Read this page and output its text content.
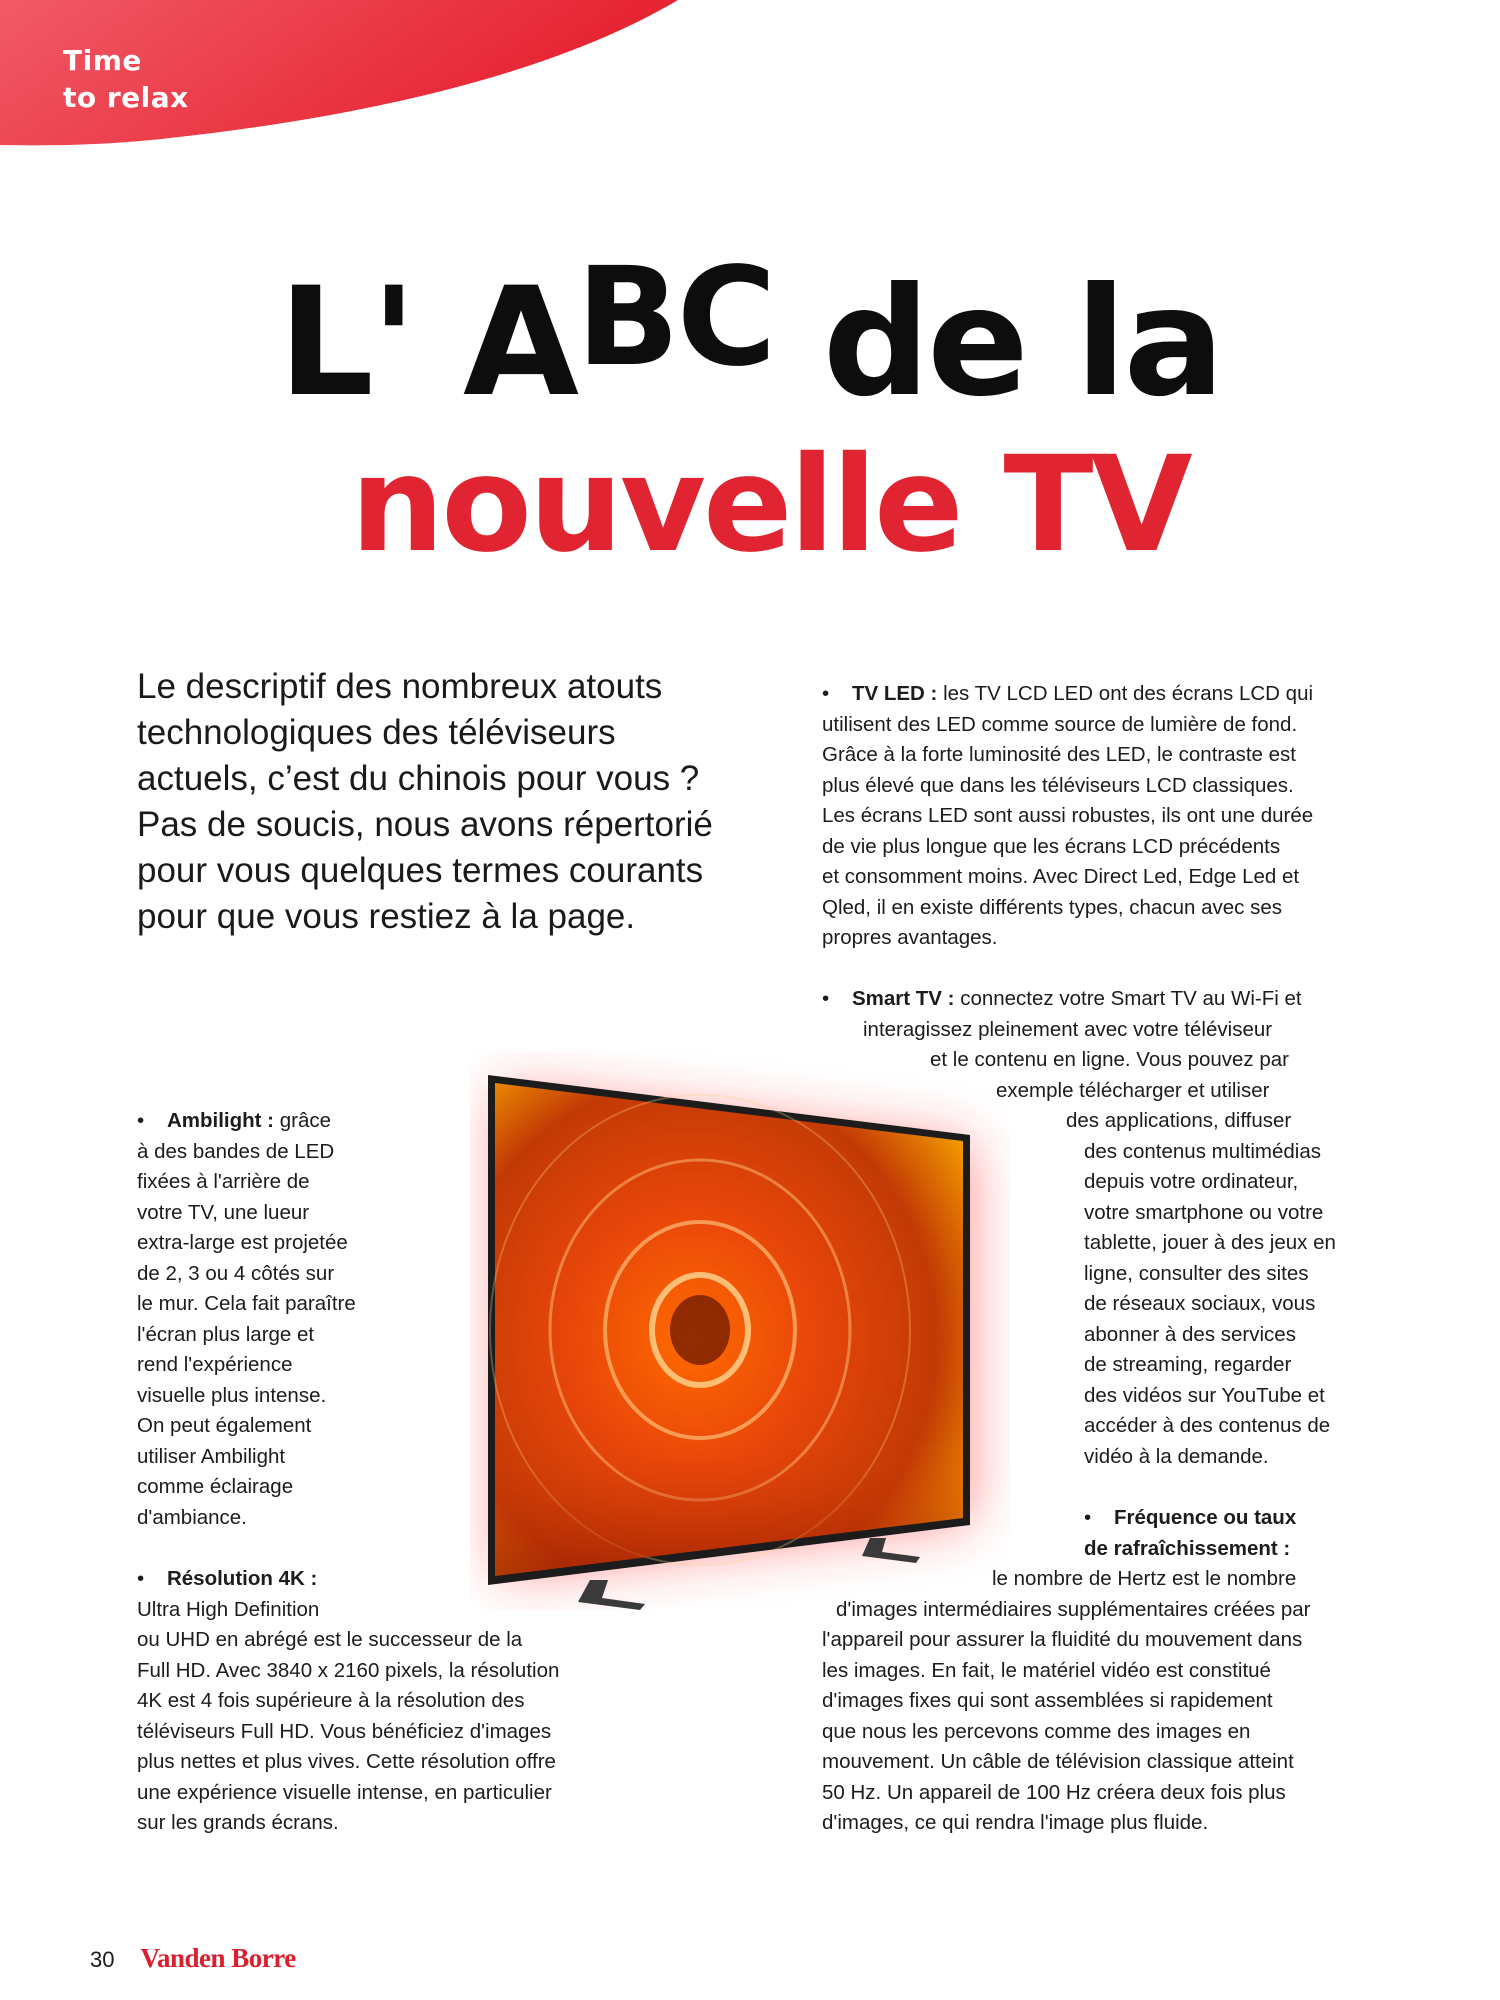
Time
to relax
L' ABC de la
nouvelle TV
Le descriptif des nombreux atouts technologiques des téléviseurs actuels, c’est du chinois pour vous ? Pas de soucis, nous avons répertorié pour vous quelques termes courants pour que vous restiez à la page.
•    TV LED : les TV LCD LED ont des écrans LCD qui
utilisent des LED comme source de lumière de fond.
Grâce à la forte luminosité des LED, le contraste est
plus élevé que dans les téléviseurs LCD classiques.
Les écrans LED sont aussi robustes, ils ont une durée
de vie plus longue que les écrans LCD précédents
et consomment moins. Avec Direct Led, Edge Led et
Qled, il en existe différents types, chacun avec ses
propres avantages.
•    Smart TV : connectez votre Smart TV au Wi-Fi et
interagissez pleinement avec votre téléviseur
et le contenu en ligne. Vous pouvez par
exemple télécharger et utiliser
des applications, diffuser
des contenus multimédias
depuis votre ordinateur,
votre smartphone ou votre
tablette, jouer à des jeux en
ligne, consulter des sites
de réseaux sociaux, vous
abonner à des services
de streaming, regarder
des vidéos sur YouTube et
accéder à des contenus de
vidéo à la demande.
•    Ambilight : grâce
à des bandes de LED
fixées à l'arrière de
votre TV, une lueur
extra-large est projetée
de 2, 3 ou 4 côtés sur
le mur. Cela fait paraître
l'écran plus large et
rend l'expérience
visuelle plus intense.
On peut également
utiliser Ambilight
comme éclairage
d'ambiance.
•    Résolution 4K :
Ultra High Definition
ou UHD en abrégé est le successeur de la
Full HD. Avec 3840 x 2160 pixels, la résolution
4K est 4 fois supérieure à la résolution des
téléviseurs Full HD. Vous bénéficiez d'images
plus nettes et plus vives. Cette résolution offre
une expérience visuelle intense, en particulier
sur les grands écrans.
•    Fréquence ou taux
de rafraîchissement :
le nombre de Hertz est le nombre
d'images intermédiaires supplémentaires créées par
l'appareil pour assurer la fluidité du mouvement dans
les images. En fait, le matériel vidéo est constitué
d'images fixes qui sont assemblées si rapidement
que nous les percevons comme des images en
mouvement. Un câble de télévision classique atteint
50 Hz. Un appareil de 100 Hz créera deux fois plus
d'images, ce qui rendra l'image plus fluide.
30 Vanden Borre
